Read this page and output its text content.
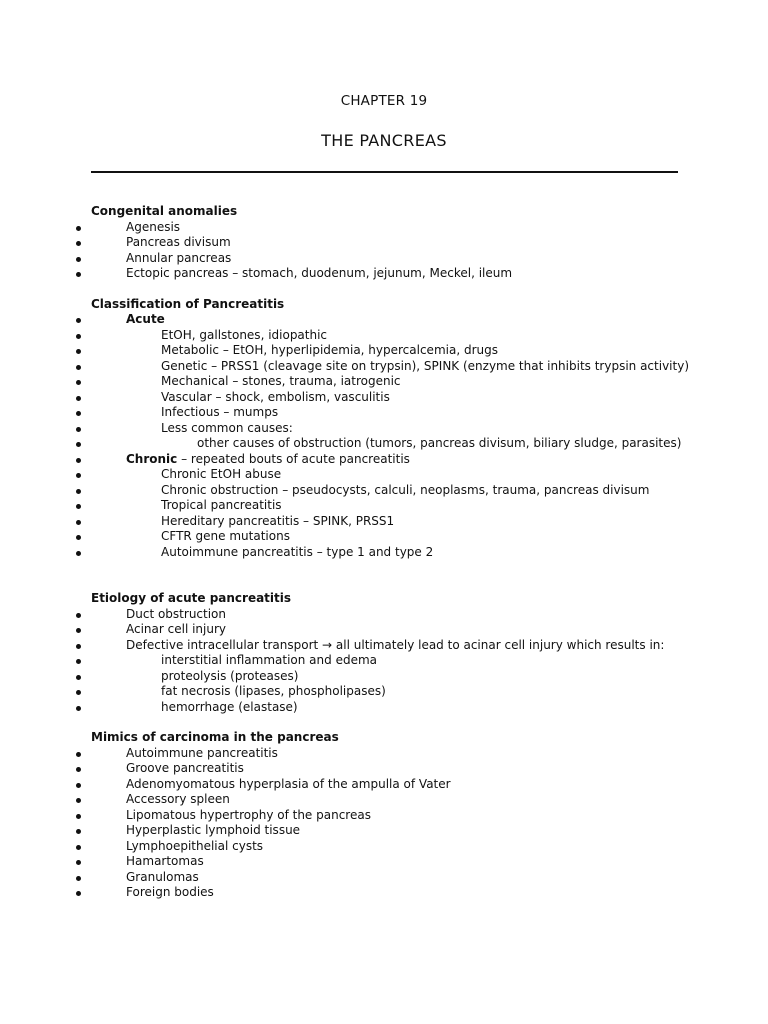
CHAPTER 19
THE PANCREAS
Congenital anomalies
Agenesis
Pancreas divisum
Annular pancreas
Ectopic pancreas – stomach, duodenum, jejunum, Meckel, ileum
Classification of Pancreatitis
Acute
EtOH, gallstones, idiopathic
Metabolic – EtOH, hyperlipidemia, hypercalcemia, drugs
Genetic – PRSS1 (cleavage site on trypsin), SPINK (enzyme that inhibits trypsin activity)
Mechanical – stones, trauma, iatrogenic
Vascular – shock, embolism, vasculitis
Infectious – mumps
Less common causes:
other causes of obstruction (tumors, pancreas divisum, biliary sludge, parasites)
Chronic – repeated bouts of acute pancreatitis
Chronic EtOH abuse
Chronic obstruction – pseudocysts, calculi, neoplasms, trauma, pancreas divisum
Tropical pancreatitis
Hereditary pancreatitis – SPINK, PRSS1
CFTR gene mutations
Autoimmune pancreatitis – type 1 and type 2
Etiology of acute pancreatitis
Duct obstruction
Acinar cell injury
Defective intracellular transport → all ultimately lead to acinar cell injury which results in:
interstitial inflammation and edema
proteolysis (proteases)
fat necrosis (lipases, phospholipases)
hemorrhage (elastase)
Mimics of carcinoma in the pancreas
Autoimmune pancreatitis
Groove pancreatitis
Adenomyomatous hyperplasia of the ampulla of Vater
Accessory spleen
Lipomatous hypertrophy of the pancreas
Hyperplastic lymphoid tissue
Lymphoepithelial cysts
Hamartomas
Granulomas
Foreign bodies
